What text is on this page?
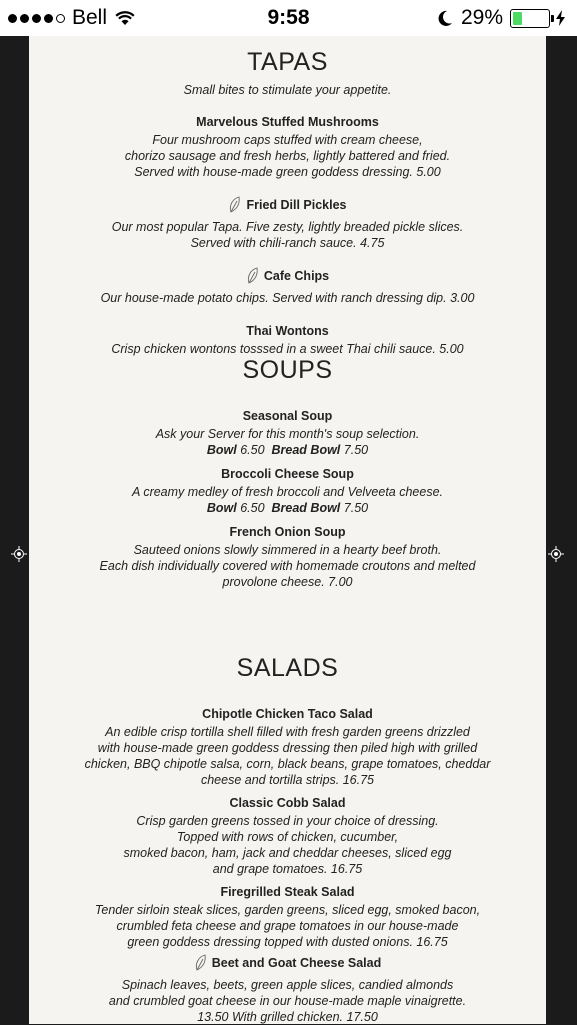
Bell	9:58	29%
TAPAS

Small bites to stimulate your appetite.

Marvelous Stuffed Mushrooms
Four mushroom caps stuffed with cream cheese,
chorizo sausage and fresh herbs, lightly battered and fried.
Served with house-made green goddess dressing. 5.00
Fried Dill Pickles
Our most popular Tapa. Five zesty, lightly breaded pickle slices.
Served with chili-ranch sauce. 4.75
Cafe Chips
Our house-made potato chips. Served with ranch dressing dip. 3.00
Thai Wontons
Crisp chicken wontons tosssed in a sweet Thai chili sauce. 5.00
SOUPS
Seasonal Soup
Ask your Server for this month's soup selection.
Bowl 6.50 Bread Bowl 7.50
Broccoli Cheese Soup
A creamy medley of fresh broccoli and Velveeta cheese.
Bowl 6.50 Bread Bowl 7.50
French Onion Soup
Sauteed onions slowly simmered in a hearty beef broth.
Each dish individually covered with homemade croutons and melted
provolone cheese. 7.00
SALADS
Chipotle Chicken Taco Salad
An edible crisp tortilla shell filled with fresh garden greens drizzled
with house-made green goddess dressing then piled high with grilled
chicken, BBQ chipotle salsa, corn, black beans, grape tomatoes, cheddar
cheese and tortilla strips. 16.75
Classic Cobb Salad
Crisp garden greens tossed in your choice of dressing.
Topped with rows of chicken, cucumber,
smoked bacon, ham, jack and cheddar cheeses, sliced egg
and grape tomatoes. 16.75
Firegrilled Steak Salad
Tender sirloin steak slices, garden greens, sliced egg, smoked bacon,
crumbled feta cheese and grape tomatoes in our house-made
green goddess dressing topped with dusted onions. 16.75
Beet and Goat Cheese Salad
Spinach leaves, beets, green apple slices, candied almonds
and crumbled goat cheese in our house-made maple vinaigrette.
13.50 With grilled chicken. 17.50
